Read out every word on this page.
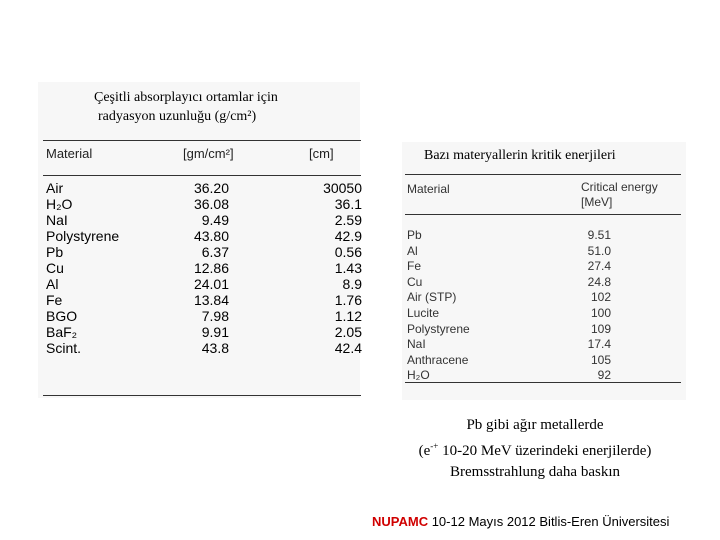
Çeşitli absorplayıcı ortamlar için
radyasyon uzunluğu (g/cm²)
Material	[gm/cm²]	[cm]
Air	36.20	30050
H₂O	36.08	36.1
NaI	9.49	2.59
Polystyrene	43.80	42.9
Pb	6.37	0.56
Cu	12.86	1.43
Al	24.01	8.9
Fe	13.84	1.76
BGO	7.98	1.12
BaF₂	9.91	2.05
Scint.	43.8	42.4
Bazı materyallerin kritik enerjileri
Material	Critical energy
[MeV]
Pb	9.51
Al	51.0
Fe	27.4
Cu	24.8
Air (STP)	102
Lucite	100
Polystyrene	109
NaI	17.4
Anthracene	105
H₂O	92
Pb gibi ağır metallerde
(e-+ 10-20 MeV üzerindeki enerjilerde)
Bremsstrahlung daha baskın
NUPAMC 10-12 Mayıs 2012 Bitlis-Eren Üniversitesi
